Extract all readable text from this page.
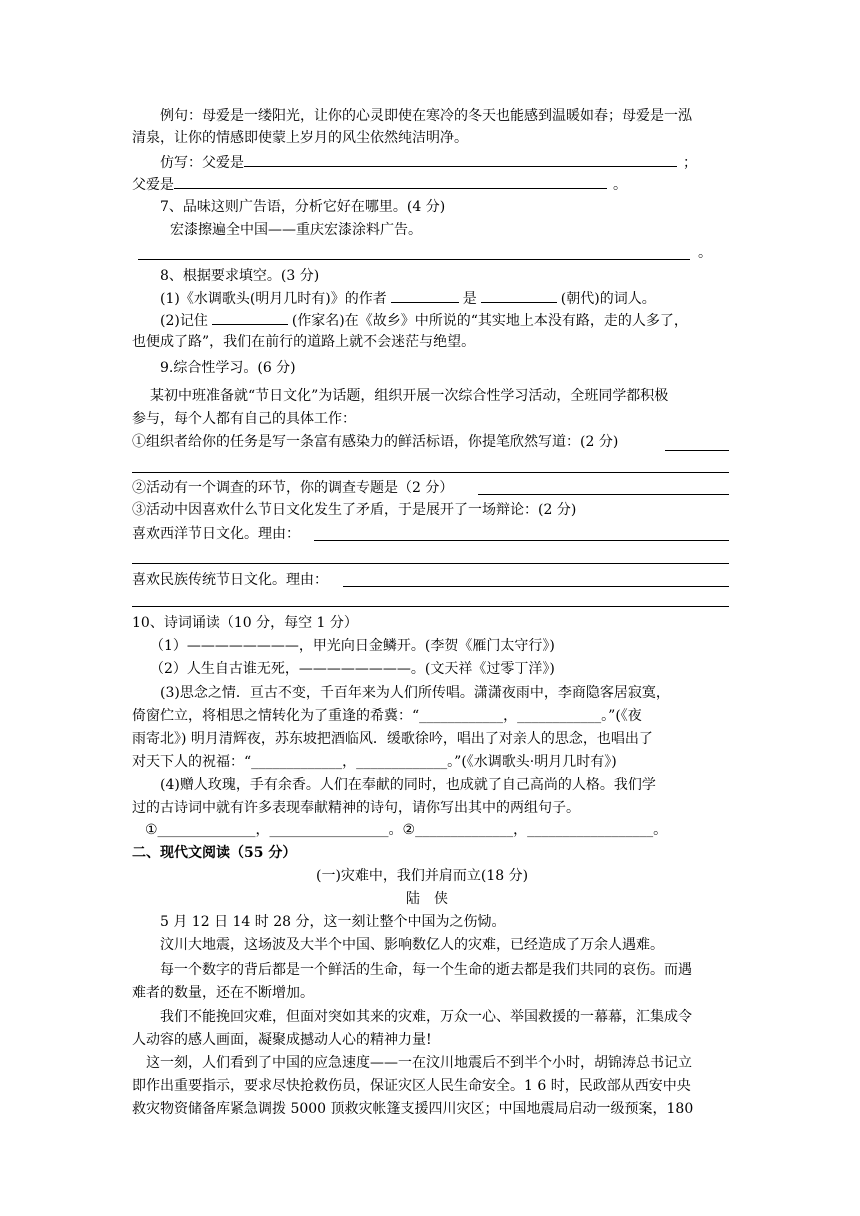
例句：母爱是一缕阳光，让你的心灵即使在寒冷的冬天也能感到温暖如春；母爱是一泓
清泉，让你的情感即使蒙上岁月的风尘依然纯洁明净。
仿写：父爱是	；
父爱是	。
7、品味这则广告语，分析它好在哪里。(4 分)
宏漆擦遍全中国——重庆宏漆涂料广告。
。
8、根据要求填空。(3 分)
(1)《水调歌头(明月几时有)》的作者	是	(朝代)的词人。
(2)记住	(作家名)在《故乡》中所说的“其实地上本没有路，走的人多了，
也便成了路”，我们在前行的道路上就不会迷茫与绝望。
9.综合性学习。(6 分)
某初中班准备就“节日文化”为话题，组织开展一次综合性学习活动，全班同学都积极
参与，每个人都有自己的具体工作：
①组织者给你的任务是写一条富有感染力的鲜活标语，你提笔欣然写道：(2 分)
②活动有一个调查的环节，你的调查专题是（2 分）
③活动中因喜欢什么节日文化发生了矛盾，于是展开了一场辩论：(2 分)
喜欢西洋节日文化。理由：
喜欢民族传统节日文化。理由：
10、诗词诵读（10 分，每空 1 分）
（1）————————，甲光向日金鳞开。(李贺《雁门太守行》)
（2）人生自古谁无死，————————。(文天祥《过零丁洋》)
(3)思念之情．亘古不变，千百年来为人们所传唱。潇潇夜雨中，李商隐客居寂寞，
倚窗伫立，将相思之情转化为了重逢的希冀：“____________，____________。”(《夜
雨寄北》) 明月清辉夜，苏东坡把酒临风．缓歌徐吟，唱出了对亲人的思念，也唱出了
对天下人的祝福：“_____________，_____________。”(《水调歌头·明月几时有》)
(4)赠人玫瑰，手有余香。人们在奉献的同时，也成就了自己高尚的人格。我们学
过的古诗词中就有许多表现奉献精神的诗句，请你写出其中的两组句子。
①______________，_________________。②______________，__________________。
二、现代文阅读（55 分）
(一)灾难中，我们并肩而立(18 分)
陆　侠
5 月 12 日 14 时 28 分，这一刻让整个中国为之伤恸。
汶川大地震，这场波及大半个中国、影响数亿人的灾难，已经造成了万余人遇难。
每一个数字的背后都是一个鲜活的生命，每一个生命的逝去都是我们共同的哀伤。而遇
难者的数量，还在不断增加。
我们不能挽回灾难，但面对突如其来的灾难，万众一心、举国救援的一幕幕，汇集成令
人动容的感人画面，凝聚成撼动人心的精神力量!
这一刻，人们看到了中国的应急速度——一在汶川地震后不到半个小时，胡锦涛总书记立
即作出重要指示，要求尽快抢救伤员，保证灾区人民生命安全。1 6 时，民政部从西安中央
救灾物资储备库紧急调拨 5000 顶救灾帐篷支援四川灾区；中国地震局启动一级预案，180
